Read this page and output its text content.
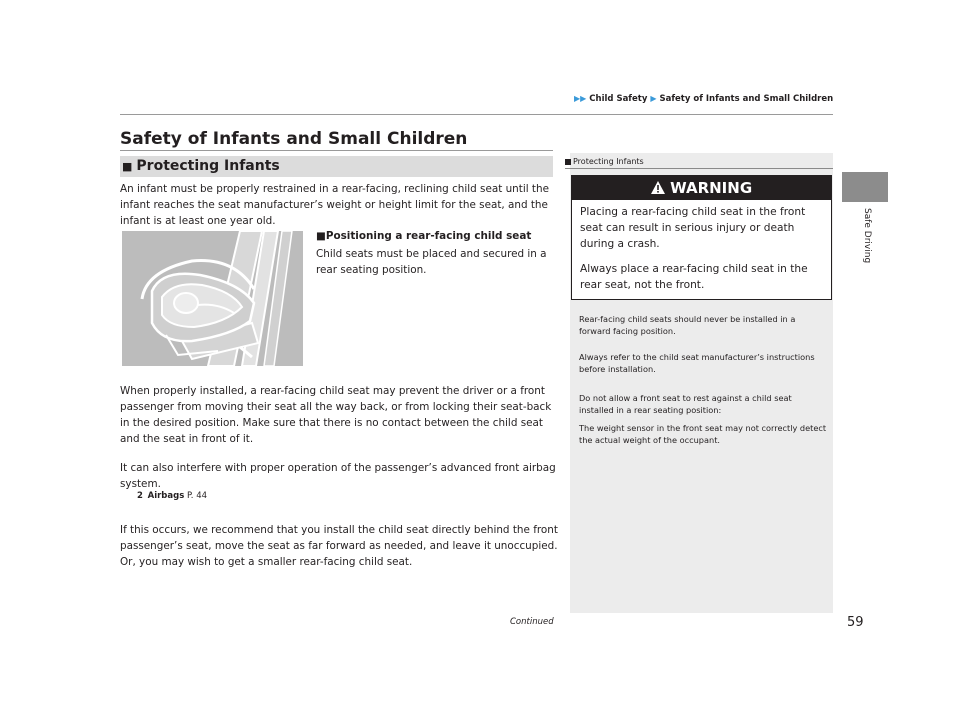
▶▶ Child Safety ▶ Safety of Infants and Small Children
Safe Driving
Safety of Infants and Small Children
■ Protecting Infants
An infant must be properly restrained in a rear-facing, reclining child seat until the infant reaches the seat manufacturer’s weight or height limit for the seat, and the infant is at least one year old.
■Positioning a rear-facing child seat
Child seats must be placed and secured in a rear seating position.
When properly installed, a rear-facing child seat may prevent the driver or a front passenger from moving their seat all the way back, or from locking their seat-back in the desired position. Make sure that there is no contact between the child seat and the seat in front of it.
It can also interfere with proper operation of the passenger’s advanced front airbag system.
2 Airbags P. 44
If this occurs, we recommend that you install the child seat directly behind the front passenger’s seat, move the seat as far forward as needed, and leave it unoccupied. Or, you may wish to get a smaller rear-facing child seat.
Protecting Infants
WARNING
Placing a rear-facing child seat in the front seat can result in serious injury or death during a crash.
Always place a rear-facing child seat in the rear seat, not the front.
Rear-facing child seats should never be installed in a forward facing position.
Always refer to the child seat manufacturer’s instructions before installation.
Do not allow a front seat to rest against a child seat installed in a rear seating position:
The weight sensor in the front seat may not correctly detect the actual weight of the occupant.
Continued	59
